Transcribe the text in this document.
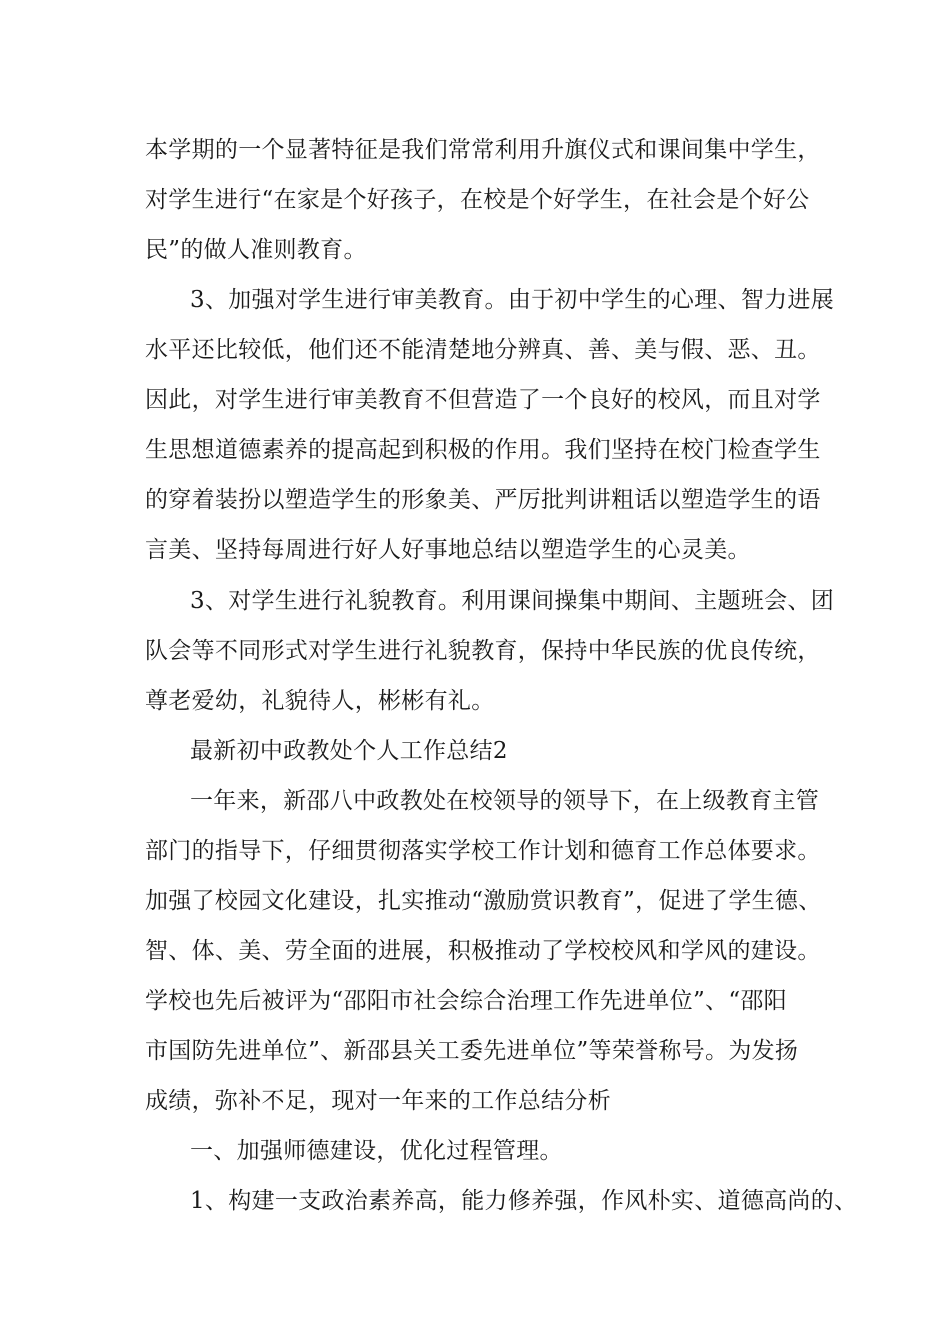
本学期的一个显著特征是我们常常利用升旗仪式和课间集中学生，
对学生进行“在家是个好孩子，在校是个好学生，在社会是个好公
民”的做人准则教育。
3、加强对学生进行审美教育。由于初中学生的心理、智力进展
水平还比较低，他们还不能清楚地分辨真、善、美与假、恶、丑。
因此，对学生进行审美教育不但营造了一个良好的校风，而且对学
生思想道德素养的提高起到积极的作用。我们坚持在校门检查学生
的穿着装扮以塑造学生的形象美、严厉批判讲粗话以塑造学生的语
言美、坚持每周进行好人好事地总结以塑造学生的心灵美。
3、对学生进行礼貌教育。利用课间操集中期间、主题班会、团
队会等不同形式对学生进行礼貌教育，保持中华民族的优良传统，
尊老爱幼，礼貌待人，彬彬有礼。
最新初中政教处个人工作总结2
一年来，新邵八中政教处在校领导的领导下，在上级教育主管
部门的指导下，仔细贯彻落实学校工作计划和德育工作总体要求。
加强了校园文化建设，扎实推动“激励赏识教育”，促进了学生德、
智、体、美、劳全面的进展，积极推动了学校校风和学风的建设。
学校也先后被评为“邵阳市社会综合治理工作先进单位”、“邵阳
市国防先进单位”、新邵县关工委先进单位”等荣誉称号。为发扬
成绩，弥补不足，现对一年来的工作总结分析
一、加强师德建设，优化过程管理。
1、构建一支政治素养高，能力修养强，作风朴实、道德高尚的、
